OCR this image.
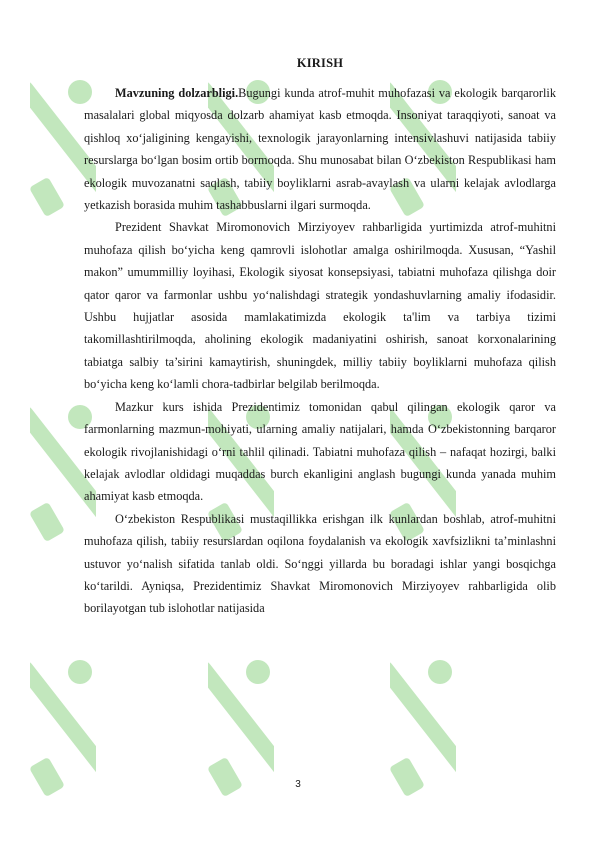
KIRISH

Mavzuning dolzarbligi.Bugungi kunda atrof-muhit muhofazasi va ekologik barqarorlik masalalari global miqyosda dolzarb ahamiyat kasb etmoqda. Insoniyat taraqqiyoti, sanoat va qishloq xo‘jaligining kengayishi, texnologik jarayonlarning intensivlashuvi natijasida tabiiy resurslarga bo‘lgan bosim ortib bormoqda. Shu munosabat bilan O‘zbekiston Respublikasi ham ekologik muvozanatni saqlash, tabiiy boyliklarni asrab-avaylash va ularni kelajak avlodlarga yetkazish borasida muhim tashabbuslarni ilgari surmoqda.

Prezident Shavkat Miromonovich Mirziyoyev rahbarligida yurtimizda atrof-muhitni muhofaza qilish bo‘yicha keng qamrovli islohotlar amalga oshirilmoqda. Xususan, “Yashil makon” umummilliy loyihasi, Ekologik siyosat konsepsiyasi, tabiatni muhofaza qilishga doir qator qaror va farmonlar ushbu yo‘nalishdagi strategik yondashuvlarning amaliy ifodasidir. Ushbu hujjatlar asosida mamlakatimizda ekologik ta'lim va tarbiya tizimi takomillashtirilmoqda, aholining ekologik madaniyatini oshirish, sanoat korxonalarining tabiatga salbiy ta’sirini kamaytirish, shuningdek, milliy tabiiy boyliklarni muhofaza qilish bo‘yicha keng ko‘lamli chora-tadbirlar belgilab berilmoqda.

Mazkur kurs ishida Prezidentimiz tomonidan qabul qilingan ekologik qaror va farmonlarning mazmun-mohiyati, ularning amaliy natijalari, hamda O‘zbekistonning barqaror ekologik rivojlanishidagi o‘rni tahlil qilinadi. Tabiatni muhofaza qilish – nafaqat hozirgi, balki kelajak avlodlar oldidagi muqaddas burch ekanligini anglash bugungi kunda yanada muhim ahamiyat kasb etmoqda.

O‘zbekiston Respublikasi mustaqillikka erishgan ilk kunlardan boshlab, atrof-muhitni muhofaza qilish, tabiiy resurslardan oqilona foydalanish va ekologik xavfsizlikni ta’minlashni ustuvor yo‘nalish sifatida tanlab oldi. So‘nggi yillarda bu boradagi ishlar yangi bosqichga ko‘tarildi. Ayniqsa, Prezidentimiz Shavkat Miromonovich Mirziyoyev rahbarligida olib borilayotgan tub islohotlar natijasida

3
